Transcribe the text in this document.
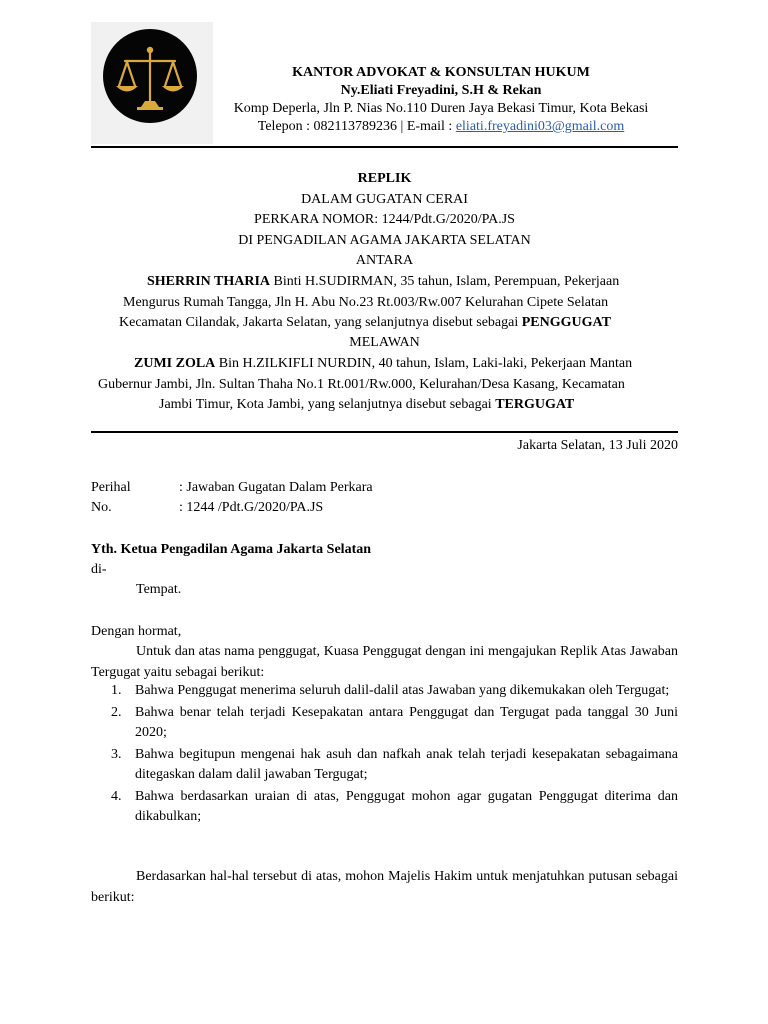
KANTOR ADVOKAT & KONSULTAN HUKUM
Ny.Eliati Freyadini, S.H & Rekan
Komp Deperla, Jln P. Nias No.110 Duren Jaya Bekasi Timur, Kota Bekasi
Telepon : 082113789236 | E-mail : eliati.freyadini03@gmail.com
REPLIK
DALAM GUGATAN CERAI
PERKARA NOMOR: 1244/Pdt.G/2020/PA.JS
DI PENGADILAN AGAMA JAKARTA SELATAN
ANTARA
SHERRIN THARIA Binti H.SUDIRMAN, 35 tahun, Islam, Perempuan, Pekerjaan
Mengurus Rumah Tangga, Jln H. Abu No.23 Rt.003/Rw.007 Kelurahan Cipete Selatan
Kecamatan Cilandak, Jakarta Selatan, yang selanjutnya disebut sebagai PENGGUGAT
MELAWAN
ZUMI ZOLA Bin H.ZILKIFLI NURDIN, 40 tahun, Islam, Laki-laki, Pekerjaan Mantan
Gubernur Jambi, Jln. Sultan Thaha No.1 Rt.001/Rw.000, Kelurahan/Desa Kasang, Kecamatan
Jambi Timur, Kota Jambi, yang selanjutnya disebut sebagai TERGUGAT
Jakarta Selatan, 13 Juli 2020
Perihal	: Jawaban Gugatan Dalam Perkara
No.	: 1244 /Pdt.G/2020/PA.JS
Yth. Ketua Pengadilan Agama Jakarta Selatan
di-
Tempat.
Dengan hormat,
Untuk dan atas nama penggugat, Kuasa Penggugat dengan ini mengajukan Replik Atas Jawaban Tergugat yaitu sebagai berikut:
1. Bahwa Penggugat menerima seluruh dalil-dalil atas Jawaban yang dikemukakan oleh Tergugat;
2. Bahwa benar telah terjadi Kesepakatan antara Penggugat dan Tergugat pada tanggal 30 Juni 2020;
3. Bahwa begitupun mengenai hak asuh dan nafkah anak telah terjadi kesepakatan sebagaimana ditegaskan dalam dalil jawaban Tergugat;
4. Bahwa berdasarkan uraian di atas, Penggugat mohon agar gugatan Penggugat diterima dan dikabulkan;
Berdasarkan hal-hal tersebut di atas, mohon Majelis Hakim untuk menjatuhkan putusan sebagai berikut:
